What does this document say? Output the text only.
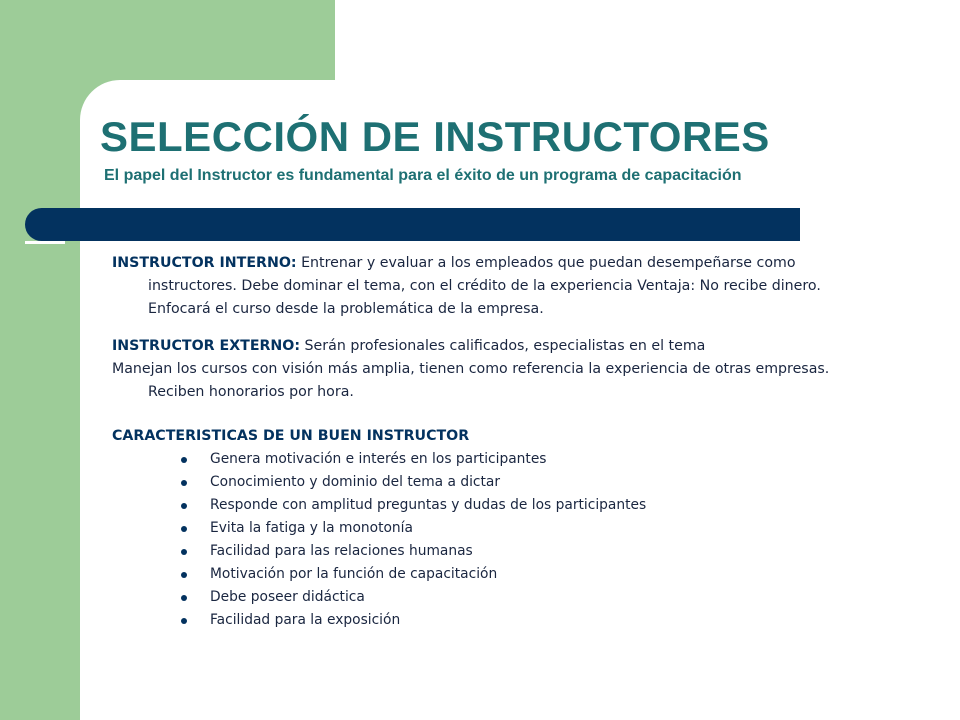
SELECCIÓN DE INSTRUCTORES

El papel del Instructor es fundamental para el éxito de un programa de capacitación

INSTRUCTOR INTERNO: Entrenar y evaluar a los empleados que puedan desempeñarse como instructores. Debe dominar el tema, con el crédito de la experiencia Ventaja: No recibe dinero. Enfocará el curso desde la problemática de la empresa.

INSTRUCTOR EXTERNO: Serán profesionales calificados, especialistas en el tema

Manejan los cursos con visión más amplia, tienen como referencia la experiencia de otras empresas. Reciben honorarios por hora.

CARACTERISTICAS DE UN BUEN INSTRUCTOR
Genera motivación e interés en los participantes
Conocimiento y dominio del tema a dictar
Responde con amplitud preguntas y dudas de los participantes
Evita la fatiga y la monotonía
Facilidad para las relaciones humanas
Motivación por la función de capacitación
Debe poseer didáctica
Facilidad para la exposición
